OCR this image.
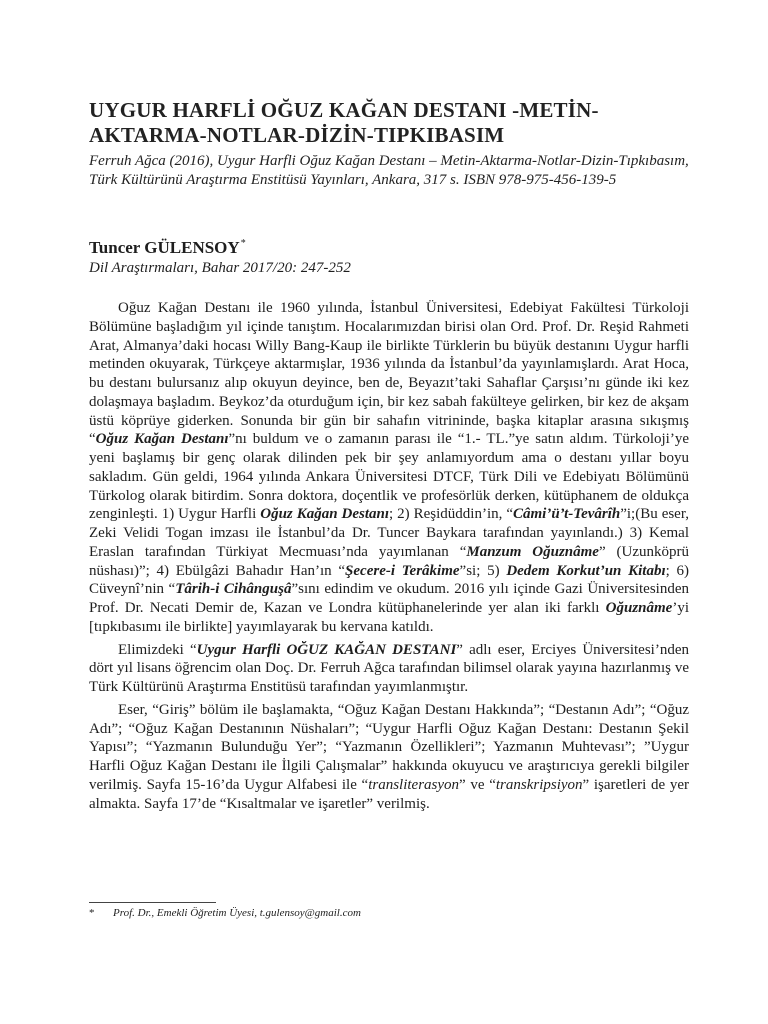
UYGUR HARFLİ OĞUZ KAĞAN DESTANI -METİN-AKTARMA-NOTLAR-DİZİN-TIPKIBASIM

Ferruh Ağca (2016), Uygur Harfli Oğuz Kağan Destanı – Metin-Aktarma-Notlar-Dizin-Tıpkıbasım, Türk Kültürünü Araştırma Enstitüsü Yayınları, Ankara, 317 s. ISBN 978-975-456-139-5

Tuncer GÜLENSOY*

Dil Araştırmaları, Bahar 2017/20: 247-252

Oğuz Kağan Destanı ile 1960 yılında, İstanbul Üniversitesi, Edebiyat Fakültesi Türkoloji Bölümüne başladığım yıl içinde tanıştım. Hocalarımızdan birisi olan Ord. Prof. Dr. Reşid Rahmeti Arat, Almanya’daki hocası Willy Bang-Kaup ile birlikte Türklerin bu büyük destanını Uygur harfli metinden okuyarak, Türkçeye aktarmışlar, 1936 yılında da İstanbul’da yayınlamışlardı. Arat Hoca, bu destanı bulursanız alıp okuyun deyince, ben de, Beyazıt’taki Sahaflar Çarşısı’nı günde iki kez dolaşmaya başladım. Beykoz’da oturduğum için, bir kez sabah fakülteye gelirken, bir kez de akşam üstü köprüye giderken. Sonunda bir gün bir sahafın vitrininde, başka kitaplar arasına sıkışmış “Oğuz Kağan Destanı”nı buldum ve o zamanın parası ile “1.- TL.”ye satın aldım. Türkoloji’ye yeni başlamış bir genç olarak dilinden pek bir şey anlamıyordum ama o destanı yıllar boyu sakladım. Gün geldi, 1964 yılında Ankara Üniversitesi DTCF, Türk Dili ve Edebiyatı Bölümünü Türkolog olarak bitirdim. Sonra doktora, doçentlik ve profesörlük derken, kütüphanem de oldukça zenginleşti. 1) Uygur Harfli Oğuz Kağan Destanı; 2) Reşidüddin’in, “Câmi’ü’t-Tevârîh”i;(Bu eser, Zeki Velidi Togan imzası ile İstanbul’da Dr. Tuncer Baykara tarafından yayınlandı.) 3) Kemal Eraslan tarafından Türkiyat Mecmuası’nda yayımlanan “Manzum Oğuznâme” (Uzunköprü nüshası)”; 4) Ebülgâzi Bahadır Han’ın “Şecere-i Terâkime”si; 5) Dedem Korkut’un Kitabı; 6) Cüveynî’nin “Târih-i Cihânguşâ”sını edindim ve okudum. 2016 yılı içinde Gazi Üniversitesinden Prof. Dr. Necati Demir de, Kazan ve Londra kütüphanelerinde yer alan iki farklı Oğuznâme’yi [tıpkıbasımı ile birlikte] yayımlayarak bu kervana katıldı.

Elimizdeki “Uygur Harfli OĞUZ KAĞAN DESTANI” adlı eser, Erciyes Üniversitesi’nden dört yıl lisans öğrencim olan Doç. Dr. Ferruh Ağca tarafından bilimsel olarak yayına hazırlanmış ve Türk Kültürünü Araştırma Enstitüsü tarafından yayımlanmıştır.

Eser, “Giriş” bölüm ile başlamakta, “Oğuz Kağan Destanı Hakkında”; “Destanın Adı”; “Oğuz Adı”; “Oğuz Kağan Destanının Nüshaları”; “Uygur Harfli Oğuz Kağan Destanı: Destanın Şekil Yapısı”; “Yazmanın Bulunduğu Yer”; “Yazmanın Özellikleri”; Yazmanın Muhtevası”; ”Uygur Harfli Oğuz Kağan Destanı ile İlgili Çalışmalar” hakkında okuyucu ve araştırıcıya gerekli bilgiler verilmiş. Sayfa 15-16’da Uygur Alfabesi ile “transliterasyon” ve “transkripsiyon” işaretleri de yer almakta. Sayfa 17’de “Kısaltmalar ve işaretler” verilmiş.

* Prof. Dr., Emekli Öğretim Üyesi, t.gulensoy@gmail.com
